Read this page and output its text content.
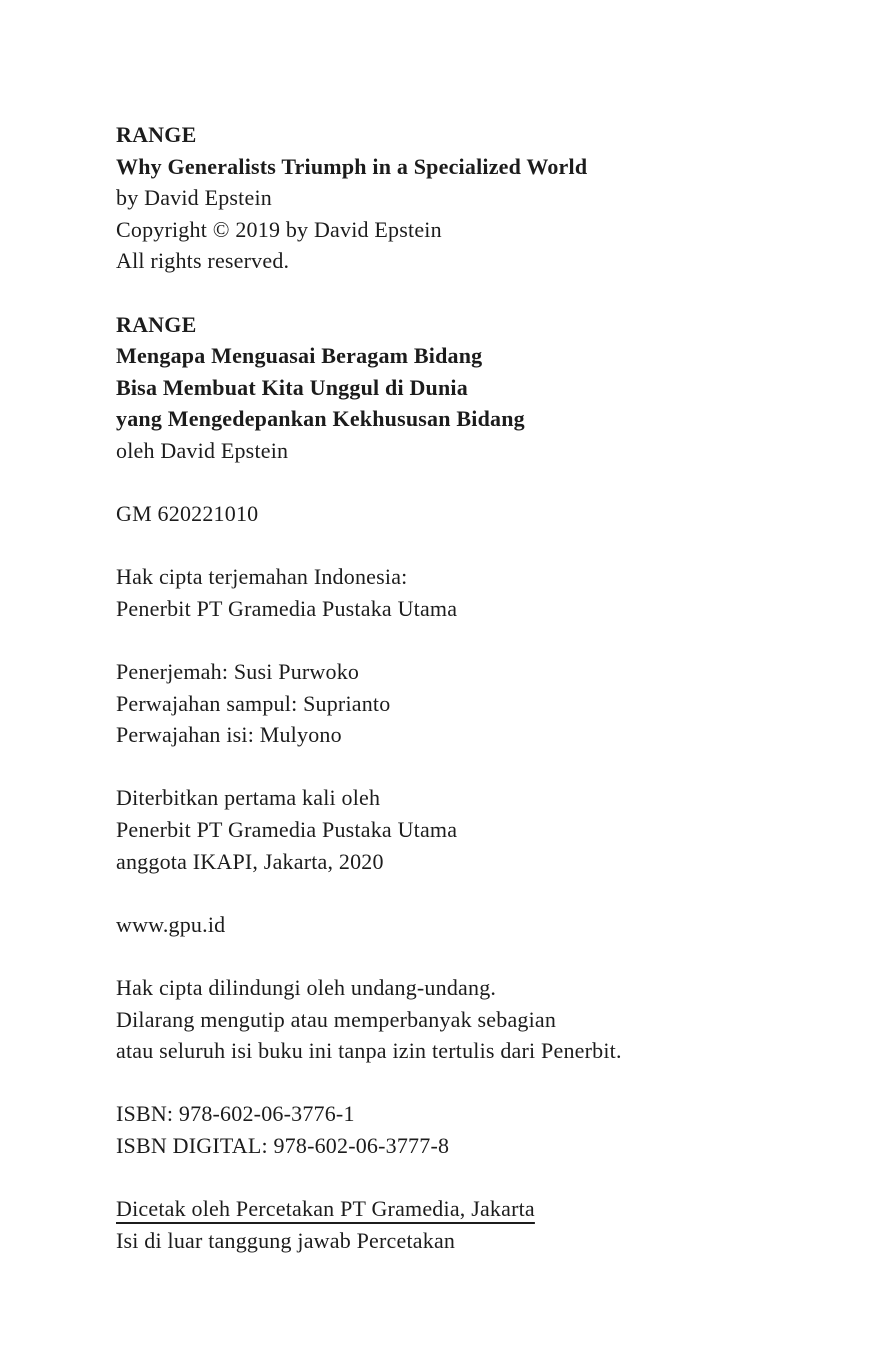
RANGE
Why Generalists Triumph in a Specialized World
by David Epstein
Copyright © 2019 by David Epstein
All rights reserved.
RANGE
Mengapa Menguasai Beragam Bidang
Bisa Membuat Kita Unggul di Dunia
yang Mengedepankan Kekhususan Bidang
oleh David Epstein
GM 620221010
Hak cipta terjemahan Indonesia:
Penerbit PT Gramedia Pustaka Utama
Penerjemah: Susi Purwoko
Perwajahan sampul: Suprianto
Perwajahan isi: Mulyono
Diterbitkan pertama kali oleh
Penerbit PT Gramedia Pustaka Utama
anggota IKAPI, Jakarta, 2020
www.gpu.id
Hak cipta dilindungi oleh undang-undang.
Dilarang mengutip atau memperbanyak sebagian
atau seluruh isi buku ini tanpa izin tertulis dari Penerbit.
ISBN: 978-602-06-3776-1
ISBN DIGITAL: 978-602-06-3777-8
Dicetak oleh Percetakan PT Gramedia, Jakarta
Isi di luar tanggung jawab Percetakan
